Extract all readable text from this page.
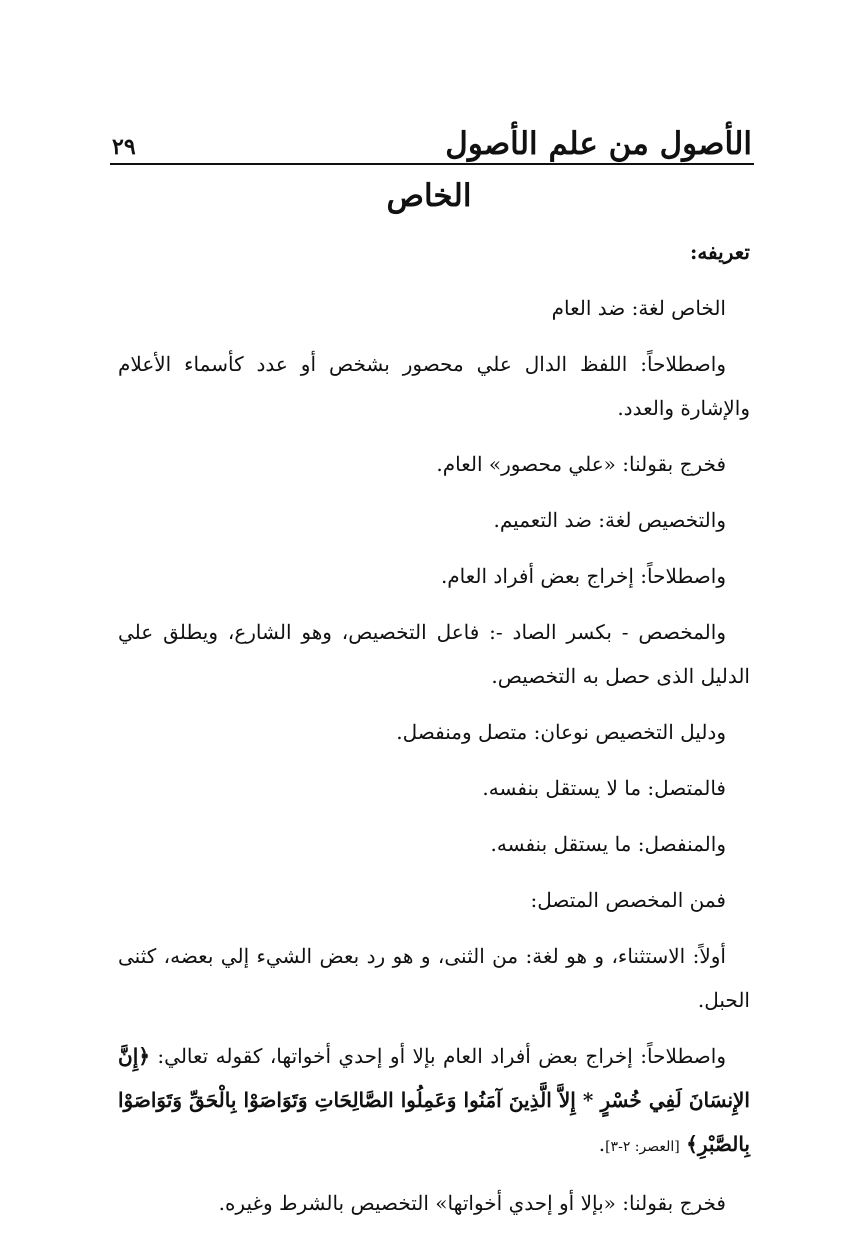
الأصول من علم الأصول
٢٩
الخاص

تعريفه:

الخاص لغة: ضد العام

واصطلاحاً: اللفظ الدال علي محصور بشخص أو عدد كأسماء الأعلام والإشارة والعدد.

فخرج بقولنا: «علي محصور» العام.

والتخصيص لغة: ضد التعميم.

واصطلاحاً: إخراج بعض أفراد العام.

والمخصص - بكسر الصاد -: فاعل التخصيص، وهو الشارع، ويطلق علي الدليل الذى حصل به التخصيص.

ودليل التخصيص نوعان: متصل ومنفصل.

فالمتصل: ما لا يستقل بنفسه.

والمنفصل: ما يستقل بنفسه.

فمن المخصص المتصل:

أولاً: الاستثناء، و هو لغة: من الثنى، و هو رد بعض الشيء إلي بعضه، كثنى الحبل.

واصطلاحاً: إخراج بعض أفراد العام بإلا أو إحدي أخواتها، كقوله تعالي: ﴿إِنَّ الإِنسَانَ لَفِي خُسْرٍ * إِلاَّ الَّذِينَ آمَنُوا وَعَمِلُوا الصَّالِحَاتِ وَتَوَاصَوْا بِالْحَقِّ وَتَوَاصَوْا بِالصَّبْرِ﴾ [العصر: ٢-٣].

فخرج بقولنا: «بإلا أو إحدي أخواتها» التخصيص بالشرط وغيره.
